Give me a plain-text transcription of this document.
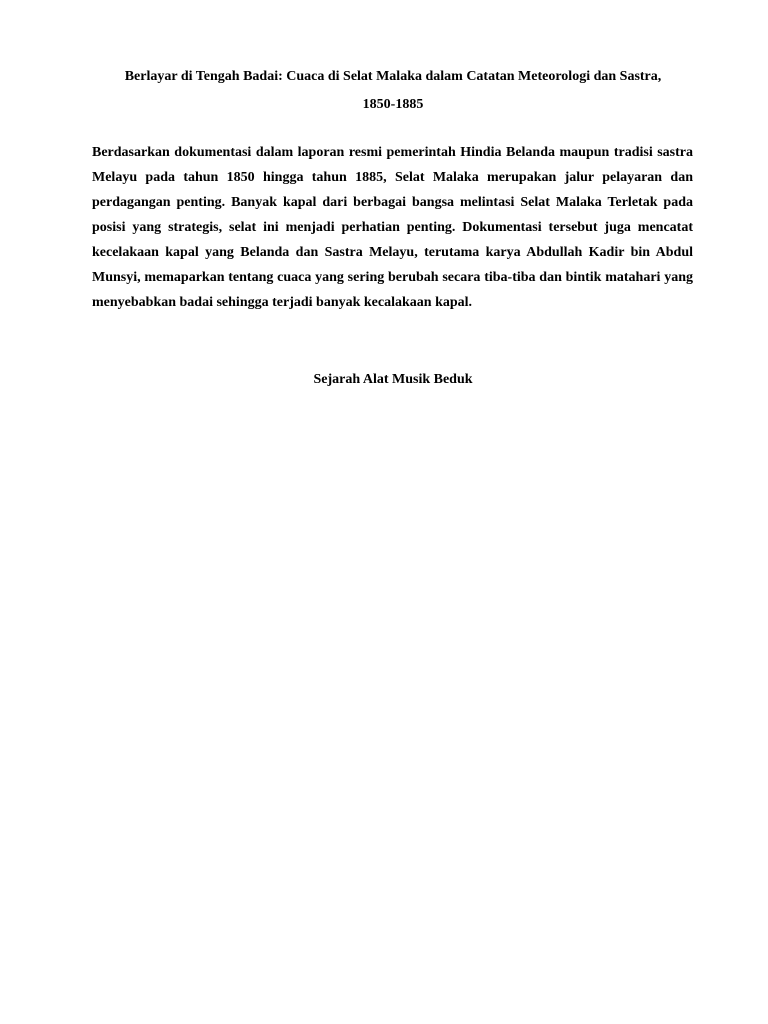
Berlayar di Tengah Badai: Cuaca di Selat Malaka dalam Catatan Meteorologi dan Sastra,
1850-1885

Berdasarkan dokumentasi dalam laporan resmi pemerintah Hindia Belanda maupun tradisi sastra Melayu pada tahun 1850 hingga tahun 1885, Selat Malaka merupakan jalur pelayaran dan perdagangan penting. Banyak kapal dari berbagai bangsa melintasi Selat Malaka Terletak pada posisi yang strategis, selat ini menjadi perhatian penting. Dokumentasi tersebut juga mencatat kecelakaan kapal yang Belanda dan Sastra Melayu, terutama karya Abdullah Kadir bin Abdul Munsyi, memaparkan tentang cuaca yang sering berubah secara tiba-tiba dan bintik matahari yang menyebabkan badai sehingga terjadi banyak kecalakaan kapal.

Sejarah Alat Musik Beduk
